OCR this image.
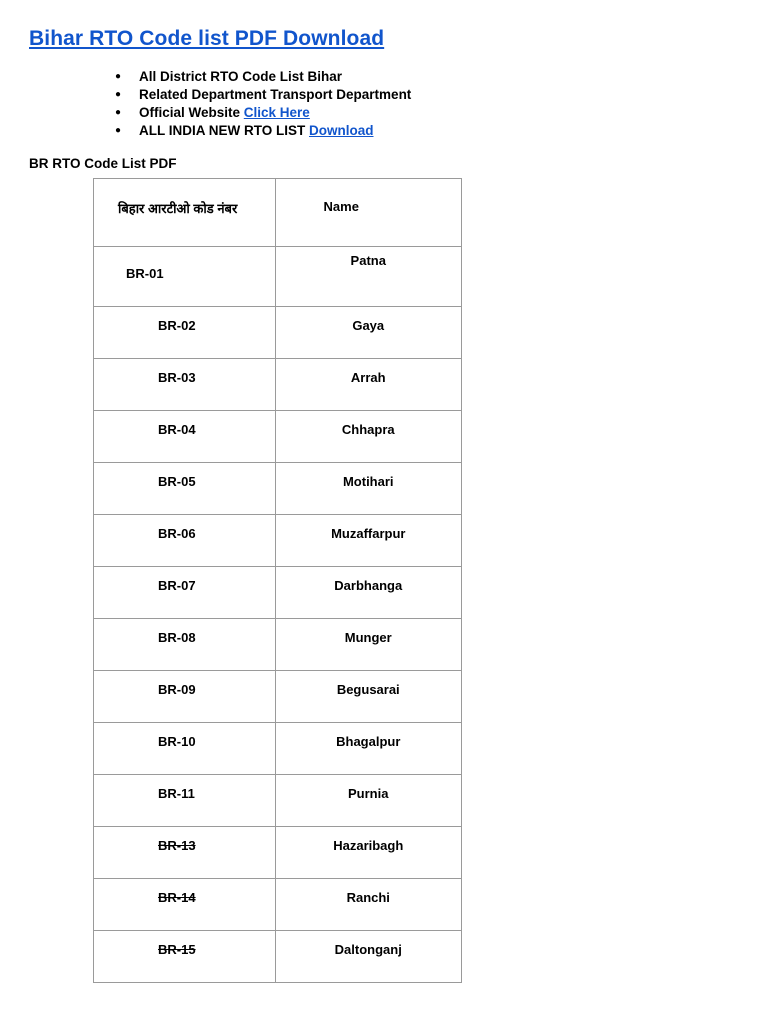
Bihar RTO Code list PDF Download
● All District RTO Code List Bihar
● Related Department Transport Department
● Official Website Click Here
● ALL INDIA NEW RTO LIST Download
BR RTO Code List PDF
बिहार आरटीओ कोड नंबर	Name
BR-01	Patna
BR-02	Gaya
BR-03	Arrah
BR-04	Chhapra
BR-05	Motihari
BR-06	Muzaffarpur
BR-07	Darbhanga
BR-08	Munger
BR-09	Begusarai
BR-10	Bhagalpur
BR-11	Purnia
BR-13	Hazaribagh
BR-14	Ranchi
BR-15	Daltonganj
